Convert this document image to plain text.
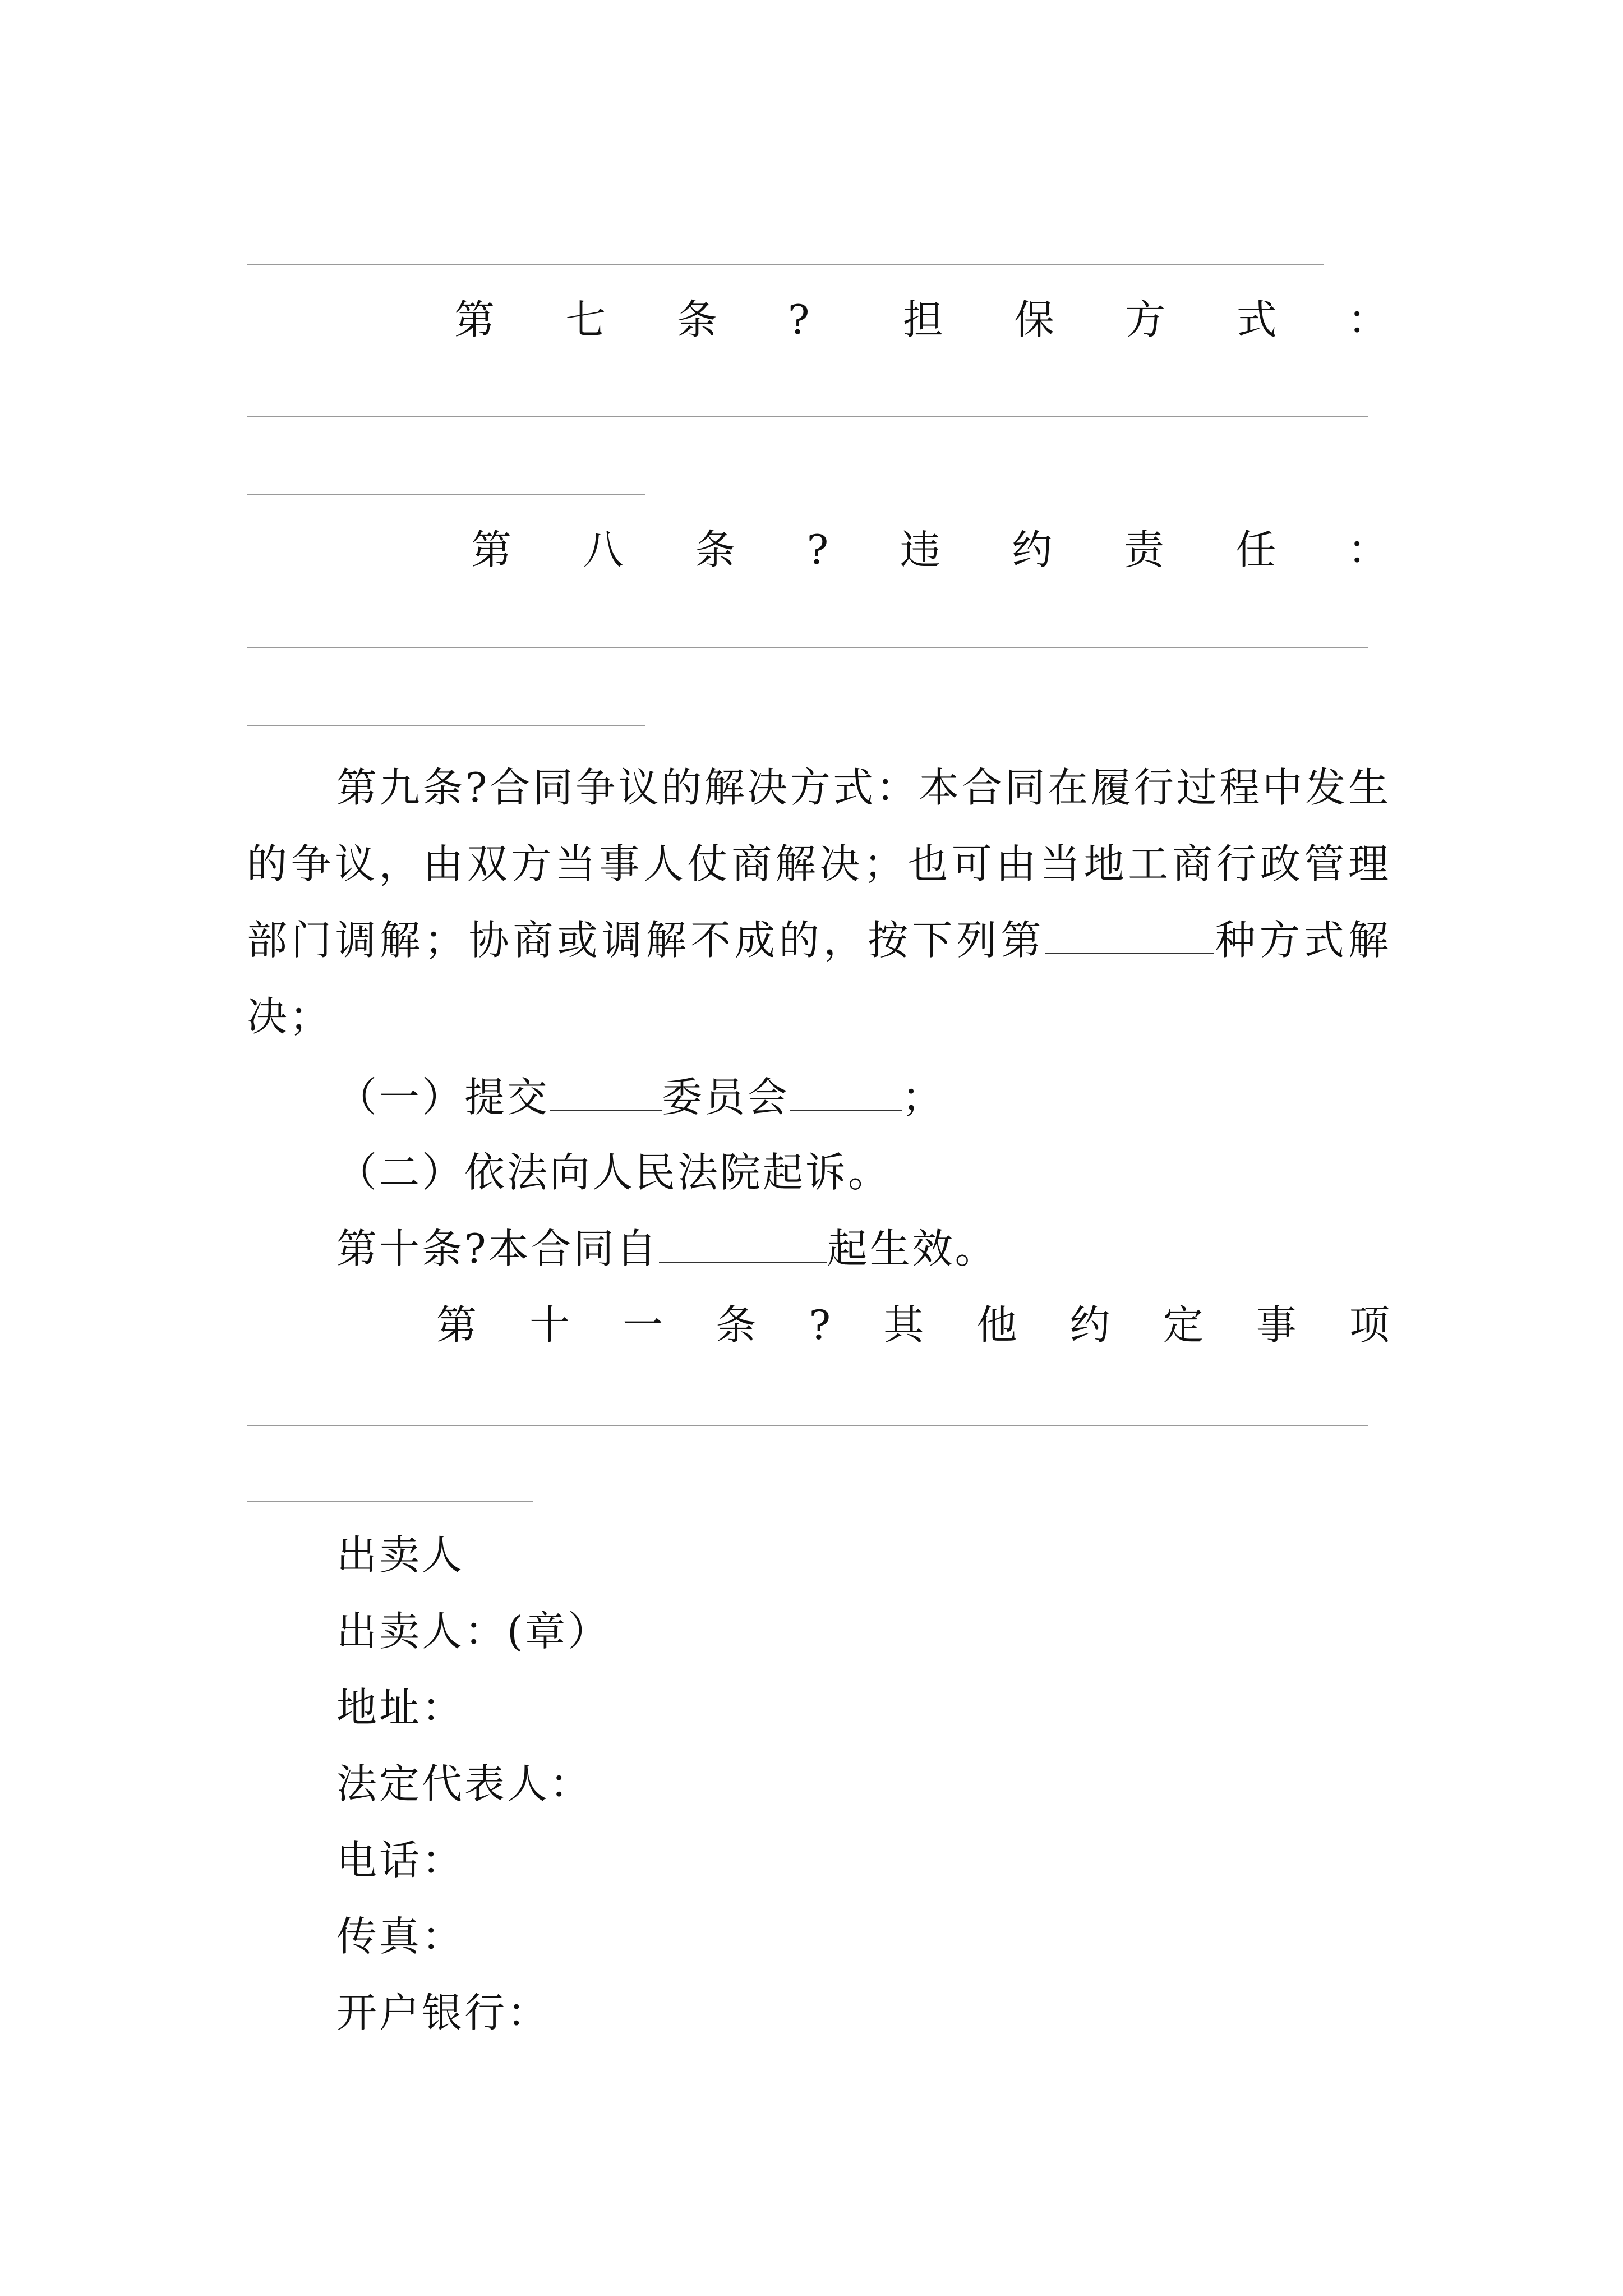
第 七 条 ? 担 保 方 式 ：
第 八 条 ? 违 约 责 任 ：
第九条?合同争议的解决方式：本合同在履行过程中发生的争议，由双方当事人仗商解决；也可由当地工商行政管理部门调解；协商或调解不成的，按下列第	种方式解决；
（一）提交	委员会	；
（二）依法向人民法院起诉。
第十条?本合同自	起生效。
第 十 一 条 ? 其 他 约 定 事 项
出卖人
出卖人：(章）
地址：
法定代表人：
电话：
传真：
开户银行：
